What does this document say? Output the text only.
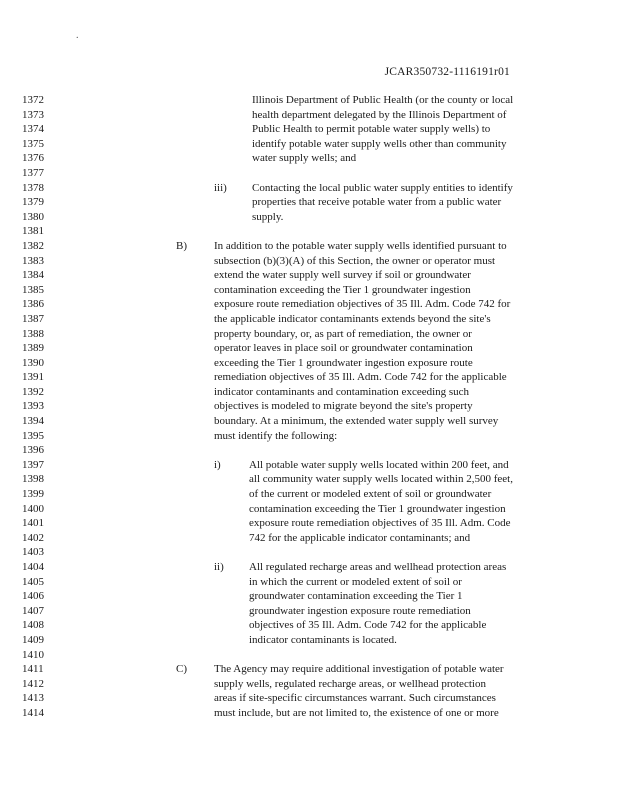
.
JCAR350732-1116191r01
1372
1373
1374
1375
1376
1377
1378
1379
1380
1381
1382
1383
1384
1385
1386
1387
1388
1389
1390
1391
1392
1393
1394
1395
1396
1397
1398
1399
1400
1401
1402
1403
1404
1405
1406
1407
1408
1409
1410
1411
1412
1413
1414
Illinois Department of Public Health (or the county or local
health department delegated by the Illinois Department of
Public Health to permit potable water supply wells) to
identify potable water supply wells other than community
water supply wells; and
iii) Contacting the local public water supply entities to identify
properties that receive potable water from a public water
supply.
B) In addition to the potable water supply wells identified pursuant to
subsection (b)(3)(A) of this Section, the owner or operator must
extend the water supply well survey if soil or groundwater
contamination exceeding the Tier 1 groundwater ingestion
exposure route remediation objectives of 35 Ill. Adm. Code 742 for
the applicable indicator contaminants extends beyond the site's
property boundary, or, as part of remediation, the owner or
operator leaves in place soil or groundwater contamination
exceeding the Tier 1 groundwater ingestion exposure route
remediation objectives of 35 Ill. Adm. Code 742 for the applicable
indicator contaminants and contamination exceeding such
objectives is modeled to migrate beyond the site's property
boundary. At a minimum, the extended water supply well survey
must identify the following:
i)	All potable water supply wells located within 200 feet, and
all community water supply wells located within 2,500 feet,
of the current or modeled extent of soil or groundwater
contamination exceeding the Tier 1 groundwater ingestion
exposure route remediation objectives of 35 Ill. Adm. Code
742 for the applicable indicator contaminants; and
ii) All regulated recharge areas and wellhead protection areas
in which the current or modeled extent of soil or
groundwater contamination exceeding the Tier 1
groundwater ingestion exposure route remediation
objectives of 35 Ill. Adm. Code 742 for the applicable
indicator contaminants is located.
C) The Agency may require additional investigation of potable water
supply wells, regulated recharge areas, or wellhead protection
areas if site-specific circumstances warrant. Such circumstances
must include, but are not limited to, the existence of one or more
